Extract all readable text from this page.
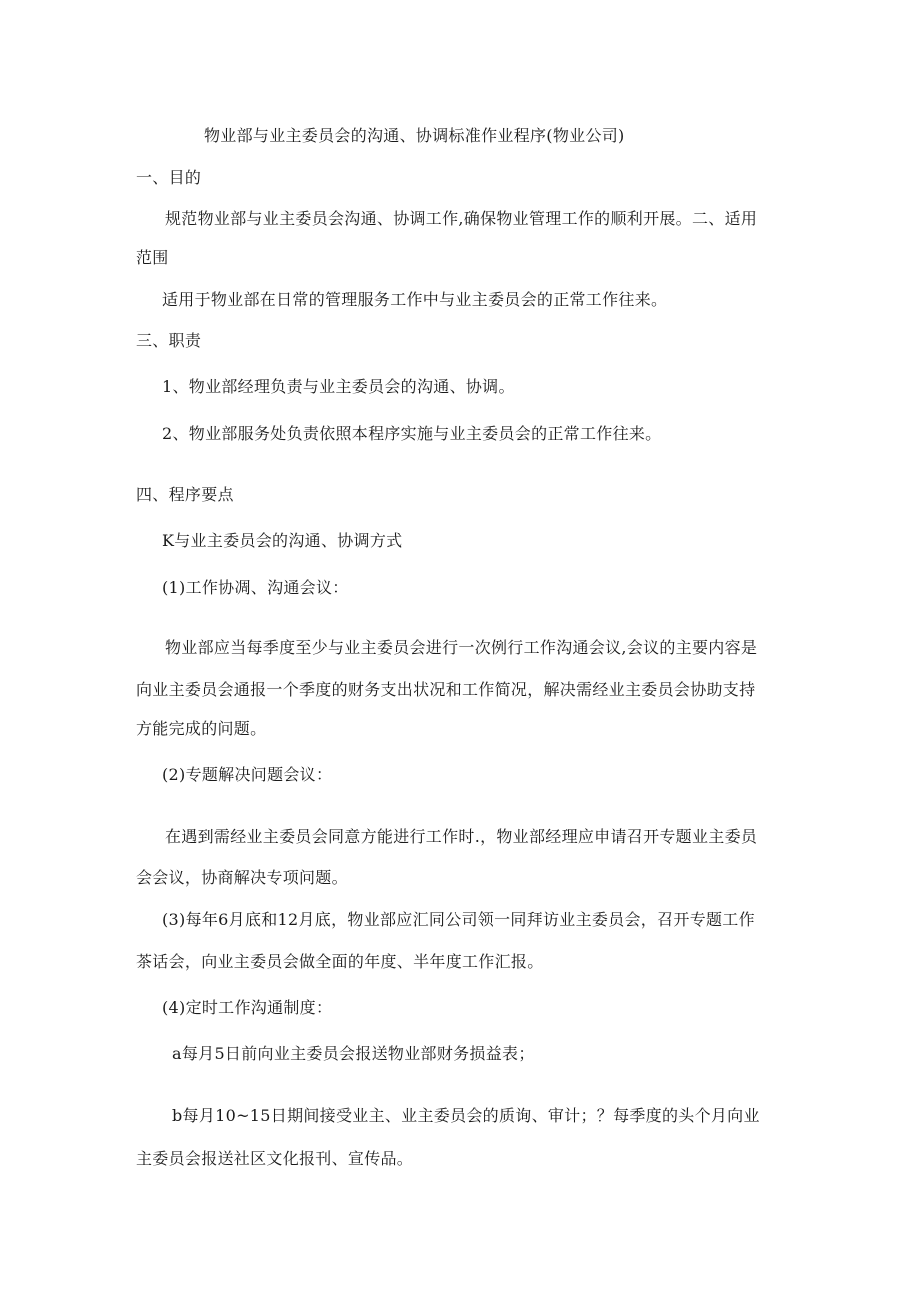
物业部与业主委员会的沟通、协调标准作业程序(物业公司)
一、目的
规范物业部与业主委员会沟通、协调工作,确保物业管理工作的顺利开展。二、适用
范围
适用于物业部在日常的管理服务工作中与业主委员会的正常工作往来。
三、职责
1、物业部经理负责与业主委员会的沟通、协调。
2、物业部服务处负责依照本程序实施与业主委员会的正常工作往来。
四、程序要点
K与业主委员会的沟通、协调方式
(1)工作协凋、沟通会议：
物业部应当每季度至少与业主委员会进行一次例行工作沟通会议,会议的主要内容是
向业主委员会通报一个季度的财务支出状况和工作简况，解决需经业主委员会协助支持
方能完成的问题。
(2)专题解决问题会议：
在遇到需经业主委员会同意方能进行工作时.，物业部经理应申请召开专题业主委员
会会议，协商解决专项问题。
(3)每年6月底和12月底，物业部应汇同公司领一同拜访业主委员会，召开专题工作
茶话会，向业主委员会做全面的年度、半年度工作汇报。
(4)定时工作沟通制度：
a每月5日前向业主委员会报送物业部财务损益表；
b每月10~15日期间接受业主、业主委员会的质询、审计；？每季度的头个月向业
主委员会报送社区文化报刊、宣传品。
